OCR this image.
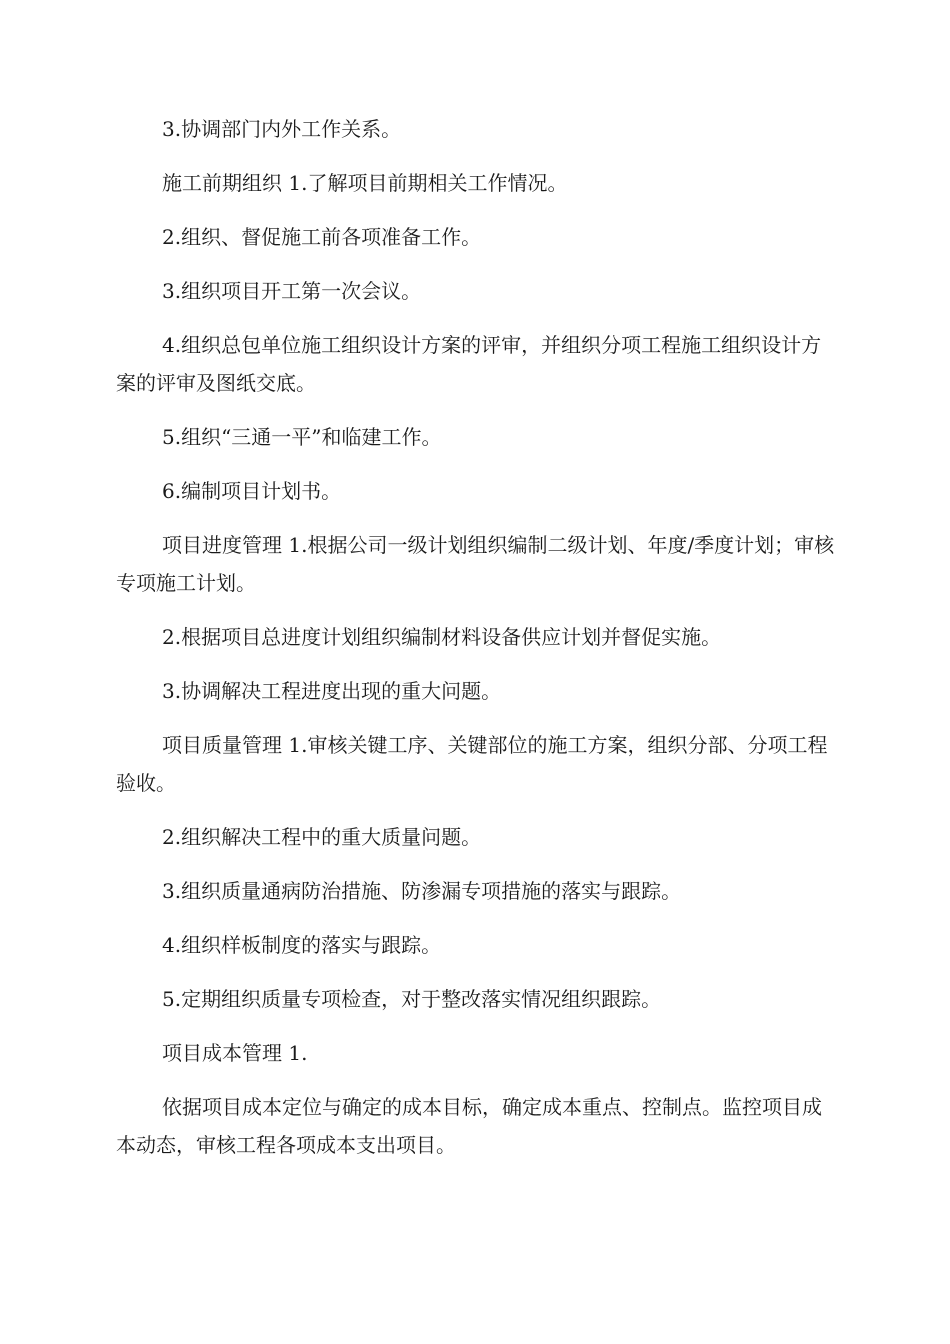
3.协调部门内外工作关系。

施工前期组织 1.了解项目前期相关工作情况。

2.组织、督促施工前各项准备工作。

3.组织项目开工第一次会议。

4.组织总包单位施工组织设计方案的评审，并组织分项工程施工组织设计方案的评审及图纸交底。

5.组织“三通一平”和临建工作。

6.编制项目计划书。

项目进度管理 1.根据公司一级计划组织编制二级计划、年度/季度计划；审核专项施工计划。

2.根据项目总进度计划组织编制材料设备供应计划并督促实施。

3.协调解决工程进度出现的重大问题。

项目质量管理 1.审核关键工序、关键部位的施工方案，组织分部、分项工程验收。

2.组织解决工程中的重大质量问题。

3.组织质量通病防治措施、防渗漏专项措施的落实与跟踪。

4.组织样板制度的落实与跟踪。

5.定期组织质量专项检查，对于整改落实情况组织跟踪。

项目成本管理 1.

依据项目成本定位与确定的成本目标，确定成本重点、控制点。监控项目成本动态，审核工程各项成本支出项目。
